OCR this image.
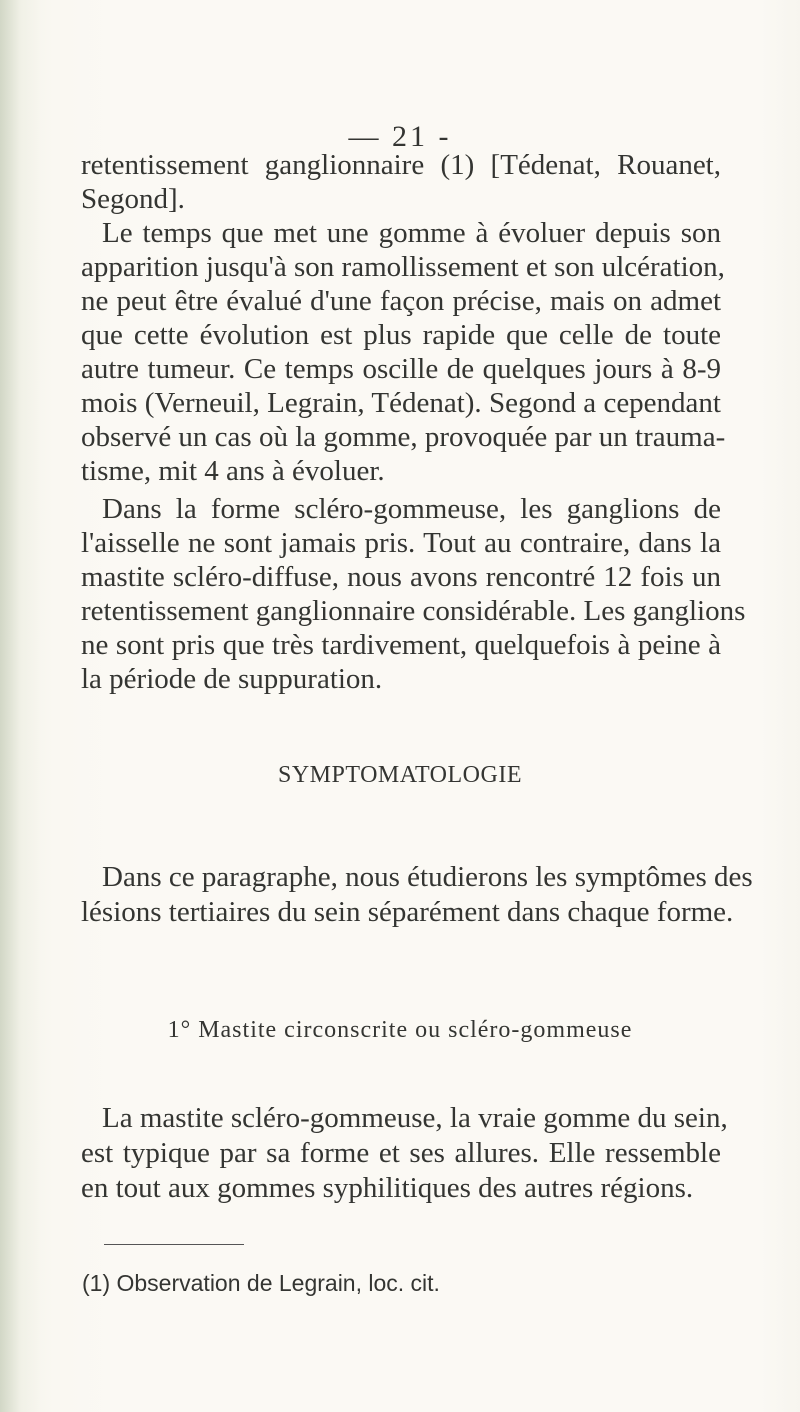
— 21 -
retentissement ganglionnaire (1) [Tédenat, Rouanet,
Segond].
Le temps que met une gomme à évoluer depuis son
apparition jusqu'à son ramollissement et son ulcération,
ne peut être évalué d'une façon précise, mais on admet
que cette évolution est plus rapide que celle de toute
autre tumeur. Ce temps oscille de quelques jours à 8-9
mois (Verneuil, Legrain, Tédenat). Segond a cependant
observé un cas où la gomme, provoquée par un trauma-
tisme, mit 4 ans à évoluer.
Dans la forme scléro-gommeuse, les ganglions de
l'aisselle ne sont jamais pris. Tout au contraire, dans la
mastite scléro-diffuse, nous avons rencontré 12 fois un
retentissement ganglionnaire considérable. Les ganglions
ne sont pris que très tardivement, quelquefois à peine à
la période de suppuration.
SYMPTOMATOLOGIE
Dans ce paragraphe, nous étudierons les symptômes des
lésions tertiaires du sein séparément dans chaque forme.
1° Mastite circonscrite ou scléro-gommeuse
La mastite scléro-gommeuse, la vraie gomme du sein,
est typique par sa forme et ses allures. Elle ressemble
en tout aux gommes syphilitiques des autres régions.
(1) Observation de Legrain, loc. cit.
